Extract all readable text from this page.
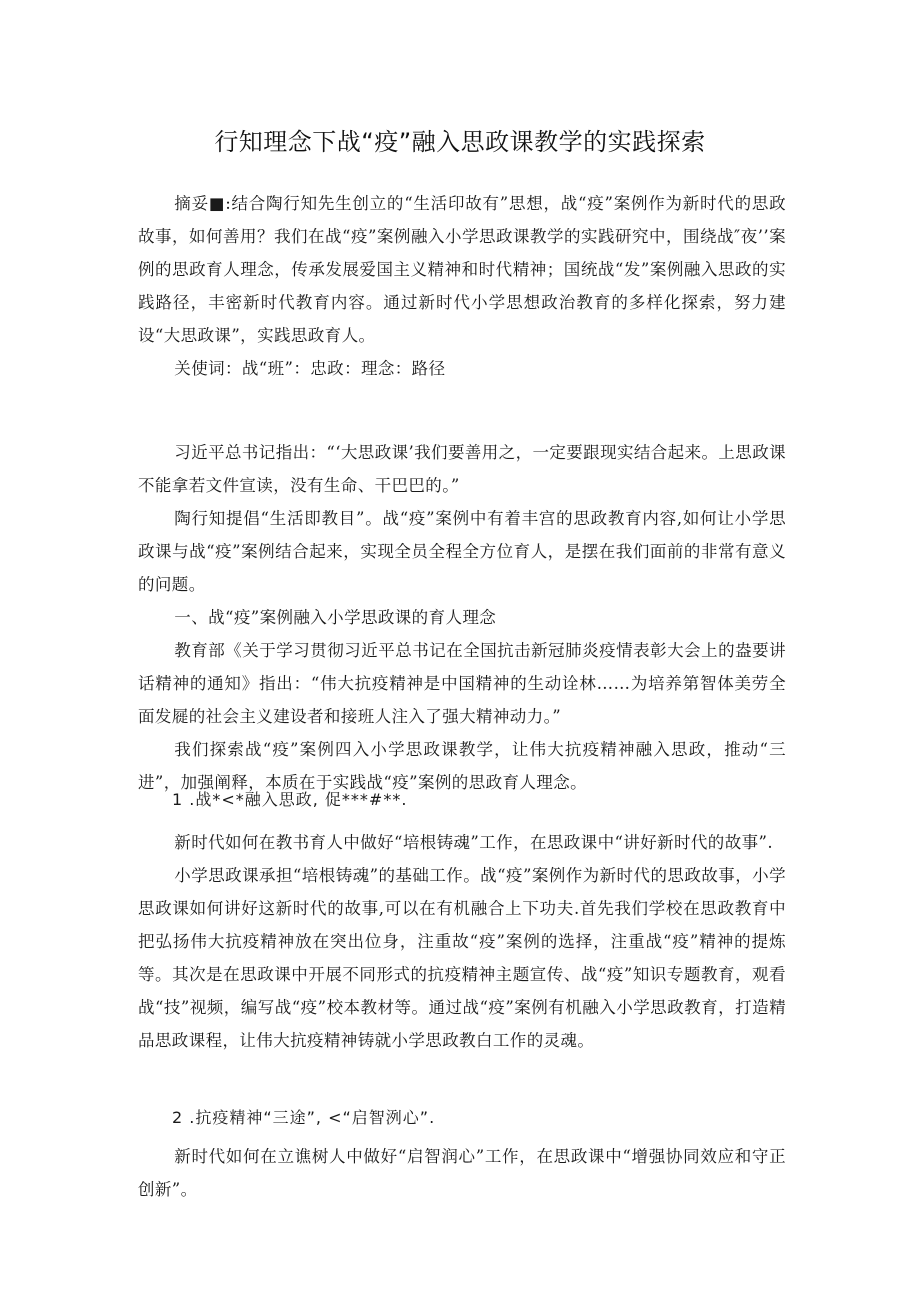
行知理念下战“疫”融入思政课教学的实践探索

摘妥■:结合陶行知先生创立的“生活印故有”思想，战“疫”案例作为新时代的思政故事，如何善用？我们在战“疫”案例融入小学思政课教学的实践研究中，围绕战″夜’’案例的思政育人理念，传承发展爱国主义精神和时代精神；国统战“发”案例融入思政的实践路径，丰密新时代教育内容。通过新时代小学思想政治教育的多样化探索，努力建设“大思政课”，实践思政育人。

关使词：战“班”：忠政：理念：路径

习近平总书记指出：“‘大思政课’我们要善用之，一定要跟现实结合起来。上思政课不能拿若文件宣读，没有生命、干巴巴的。”

陶行知提倡“生活即教目”。战“疫”案例中有着丰宫的思政教育内容,如何让小学思政课与战“疫”案例结合起来，实现全员全程全方位育人，是摆在我们面前的非常有意义的问题。

一、战“疫”案例融入小学思政课的育人理念

教育部《关于学习贯彻习近平总书记在全国抗击新冠肺炎疫情表彰大会上的盎要讲话精神的通知》指出：“伟大抗疫精神是中国精神的生动诠林……为培养第智体美劳全面发屣的社会主义建设者和接班人注入了强大精神动力。”

我们探索战“疫”案例四入小学思政课教学，让伟大抗疫精神融入思政，推动“三进”，加强阐释，本质在于实践战“疫”案例的思政育人理念。

1 .战*<*融入思政, 促***#**.

新时代如何在教书育人中做好“培根铸魂”工作，在思政课中“讲好新时代的故事”.

小学思政课承担“培根铸魂”的基础工作。战“疫”案例作为新时代的思政故事，小学思政课如何讲好这新时代的故事,可以在有机融合上下功夫.首先我们学校在思政教育中把弘扬伟大抗疫精神放在突出位身，注重故“疫”案例的选择，注重战“疫”精神的提炼等。其次是在思政课中开展不同形式的抗疫精神主题宣传、战“疫”知识专题教育，观看战“技”视频，编写战“疫”校本教材等。通过战“疫”案例有机融入小学思政教育，打造精品思政课程，让伟大抗疫精神铸就小学思政教白工作的灵魂。

2 .抗疫精神“三途”, <“启智洌心”.

新时代如何在立谯树人中做好“启智润心”工作，在思政课中“增强协同效应和守正创新”。
